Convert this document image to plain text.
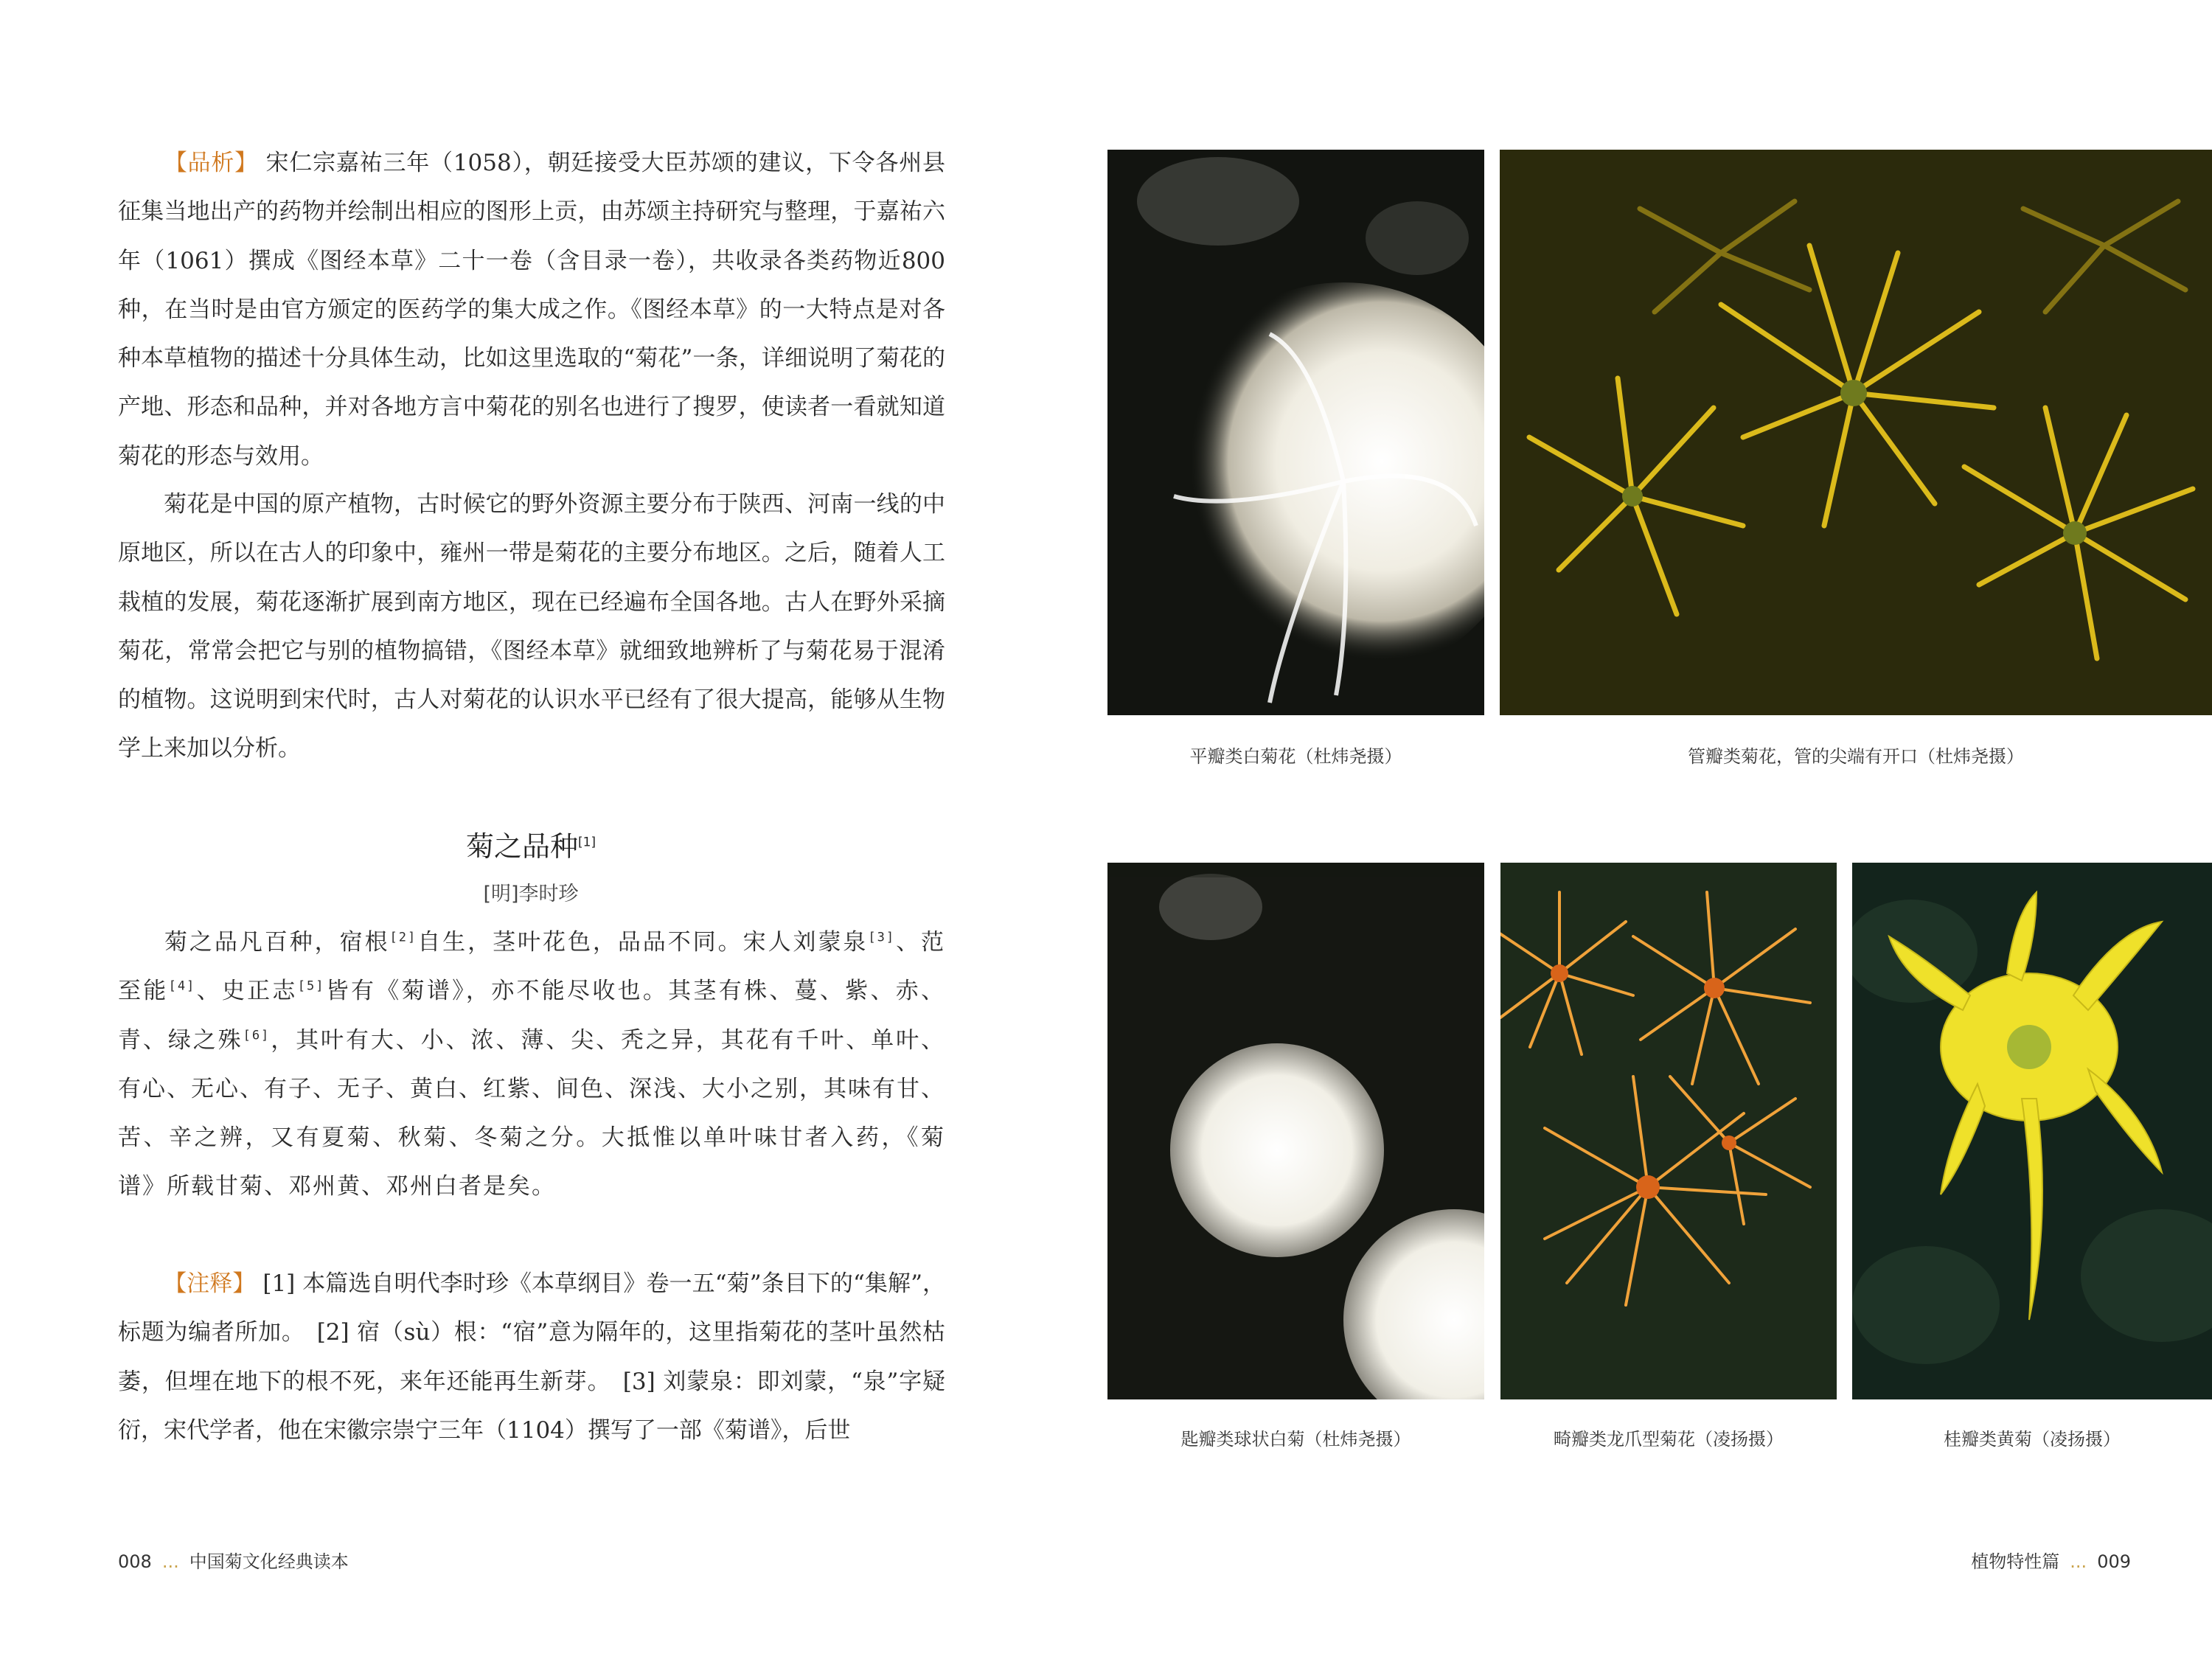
【品析】 宋仁宗嘉祐三年（1058），朝廷接受大臣苏颂的建议，下令各州县征集当地出产的药物并绘制出相应的图形上贡，由苏颂主持研究与整理，于嘉祐六年（1061）撰成《图经本草》二十一卷（含目录一卷），共收录各类药物近800种，在当时是由官方颁定的医药学的集大成之作。《图经本草》的一大特点是对各种本草植物的描述十分具体生动，比如这里选取的“菊花”一条，详细说明了菊花的产地、形态和品种，并对各地方言中菊花的别名也进行了搜罗，使读者一看就知道菊花的形态与效用。

菊花是中国的原产植物，古时候它的野外资源主要分布于陕西、河南一线的中原地区，所以在古人的印象中，雍州一带是菊花的主要分布地区。之后，随着人工栽植的发展，菊花逐渐扩展到南方地区，现在已经遍布全国各地。古人在野外采摘菊花，常常会把它与别的植物搞错，《图经本草》就细致地辨析了与菊花易于混淆的植物。这说明到宋代时，古人对菊花的认识水平已经有了很大提高，能够从生物学上来加以分析。

菊之品种[1]

[明]李时珍

菊之品凡百种，宿根[2]自生，茎叶花色，品品不同。宋人刘蒙泉[3]、范至能[4]、史正志[5]皆有《菊谱》，亦不能尽收也。其茎有株、蔓、紫、赤、青、绿之殊[6]，其叶有大、小、浓、薄、尖、秃之异，其花有千叶、单叶、有心、无心、有子、无子、黄白、红紫、间色、深浅、大小之别，其味有甘、苦、辛之辨，又有夏菊、秋菊、冬菊之分。大抵惟以单叶味甘者入药，《菊谱》所载甘菊、邓州黄、邓州白者是矣。

【注释】 [1] 本篇选自明代李时珍《本草纲目》卷一五“菊”条目下的“集解”，标题为编者所加。　[2] 宿（sù）根：“宿”意为隔年的，这里指菊花的茎叶虽然枯萎，但埋在地下的根不死，来年还能再生新芽。　[3] 刘蒙泉：即刘蒙，“泉”字疑衍，宋代学者，他在宋徽宗崇宁三年（1104）撰写了一部《菊谱》，后世

008 ... 中国菊文化经典读本
平瓣类白菊花（杜炜尧摄）	管瓣类菊花，管的尖端有开口（杜炜尧摄）
匙瓣类球状白菊（杜炜尧摄）	畸瓣类龙爪型菊花（凌扬摄）	桂瓣类黄菊（凌扬摄）
植物特性篇 ... 009
